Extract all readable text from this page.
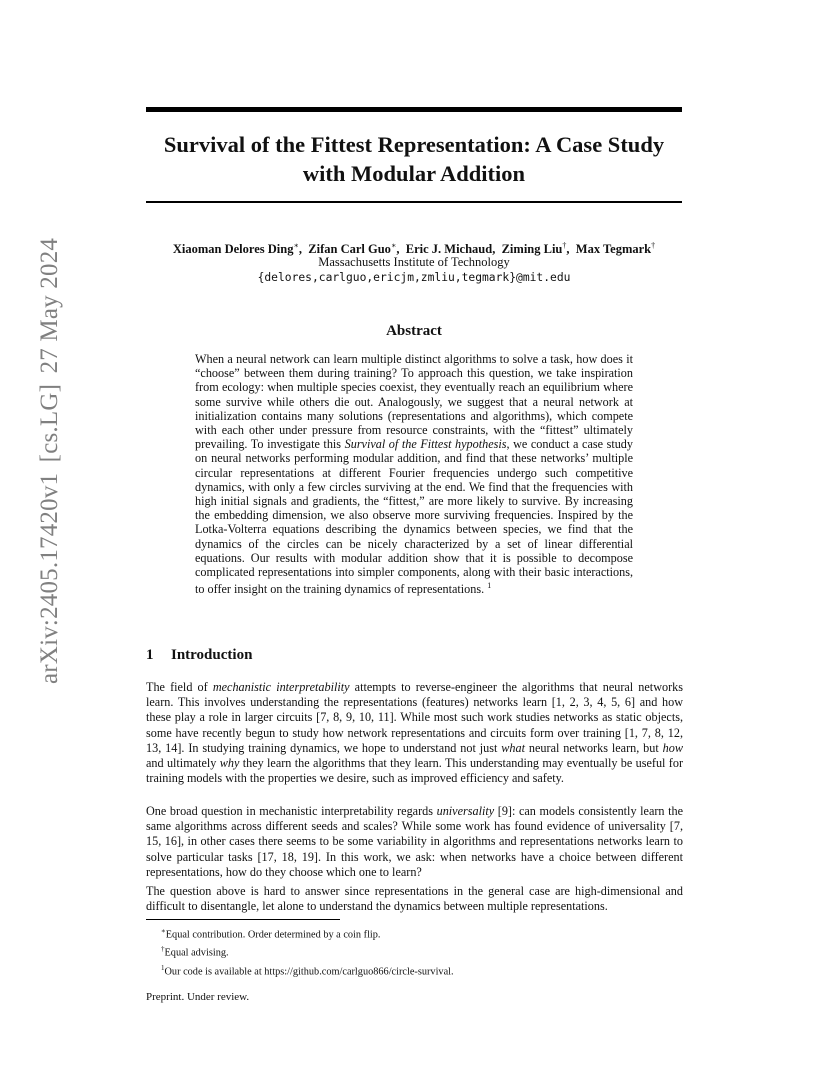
arXiv:2405.17420v1 [cs.LG] 27 May 2024
Survival of the Fittest Representation: A Case Study with Modular Addition
Xiaoman Delores Ding∗,  Zifan Carl Guo∗,  Eric J. Michaud,  Ziming Liu†,  Max Tegmark†
Massachusetts Institute of Technology
{delores,carlguo,ericjm,zmliu,tegmark}@mit.edu
Abstract

When a neural network can learn multiple distinct algorithms to solve a task, how does it “choose” between them during training? To approach this question, we take inspiration from ecology: when multiple species coexist, they eventually reach an equilibrium where some survive while others die out. Analogously, we suggest that a neural network at initialization contains many solutions (representations and algorithms), which compete with each other under pressure from resource constraints, with the “fittest” ultimately prevailing. To investigate this Survival of the Fittest hypothesis, we conduct a case study on neural networks performing modular addition, and find that these networks’ multiple circular representations at different Fourier frequencies undergo such competitive dynamics, with only a few circles surviving at the end. We find that the frequencies with high initial signals and gradients, the “fittest,” are more likely to survive. By increasing the embedding dimension, we also observe more surviving frequencies. Inspired by the Lotka-Volterra equations describing the dynamics between species, we find that the dynamics of the circles can be nicely characterized by a set of linear differential equations. Our results with modular addition show that it is possible to decompose complicated representations into simpler components, along with their basic interactions, to offer insight on the training dynamics of representations. $^1$

1 Introduction

The field of mechanistic interpretability attempts to reverse-engineer the algorithms that neural networks learn. This involves understanding the representations (features) networks learn [1, 2, 3, 4, 5, 6] and how these play a role in larger circuits [7, 8, 9, 10, 11]. While most such work studies networks as static objects, some have recently begun to study how network representations and circuits form over training [1, 7, 8, 12, 13, 14]. In studying training dynamics, we hope to understand not just what neural networks learn, but how and ultimately why they learn the algorithms that they learn. This understanding may eventually be useful for training models with the properties we desire, such as improved efficiency and safety.

One broad question in mechanistic interpretability regards universality [9]: can models consistently learn the same algorithms across different seeds and scales? While some work has found evidence of universality [7, 15, 16], in other cases there seems to be some variability in algorithms and representations networks learn to solve particular tasks [17, 18, 19]. In this work, we ask: when networks have a choice between different representations, how do they choose which one to learn?

The question above is hard to answer since representations in the general case are high-dimensional and difficult to disentangle, let alone to understand the dynamics between multiple representations.

∗Equal contribution. Order determined by a coin flip.
†Equal advising.
$^1$Our code is available at https://github.com/carlguo866/circle-survival.
Preprint. Under review.
